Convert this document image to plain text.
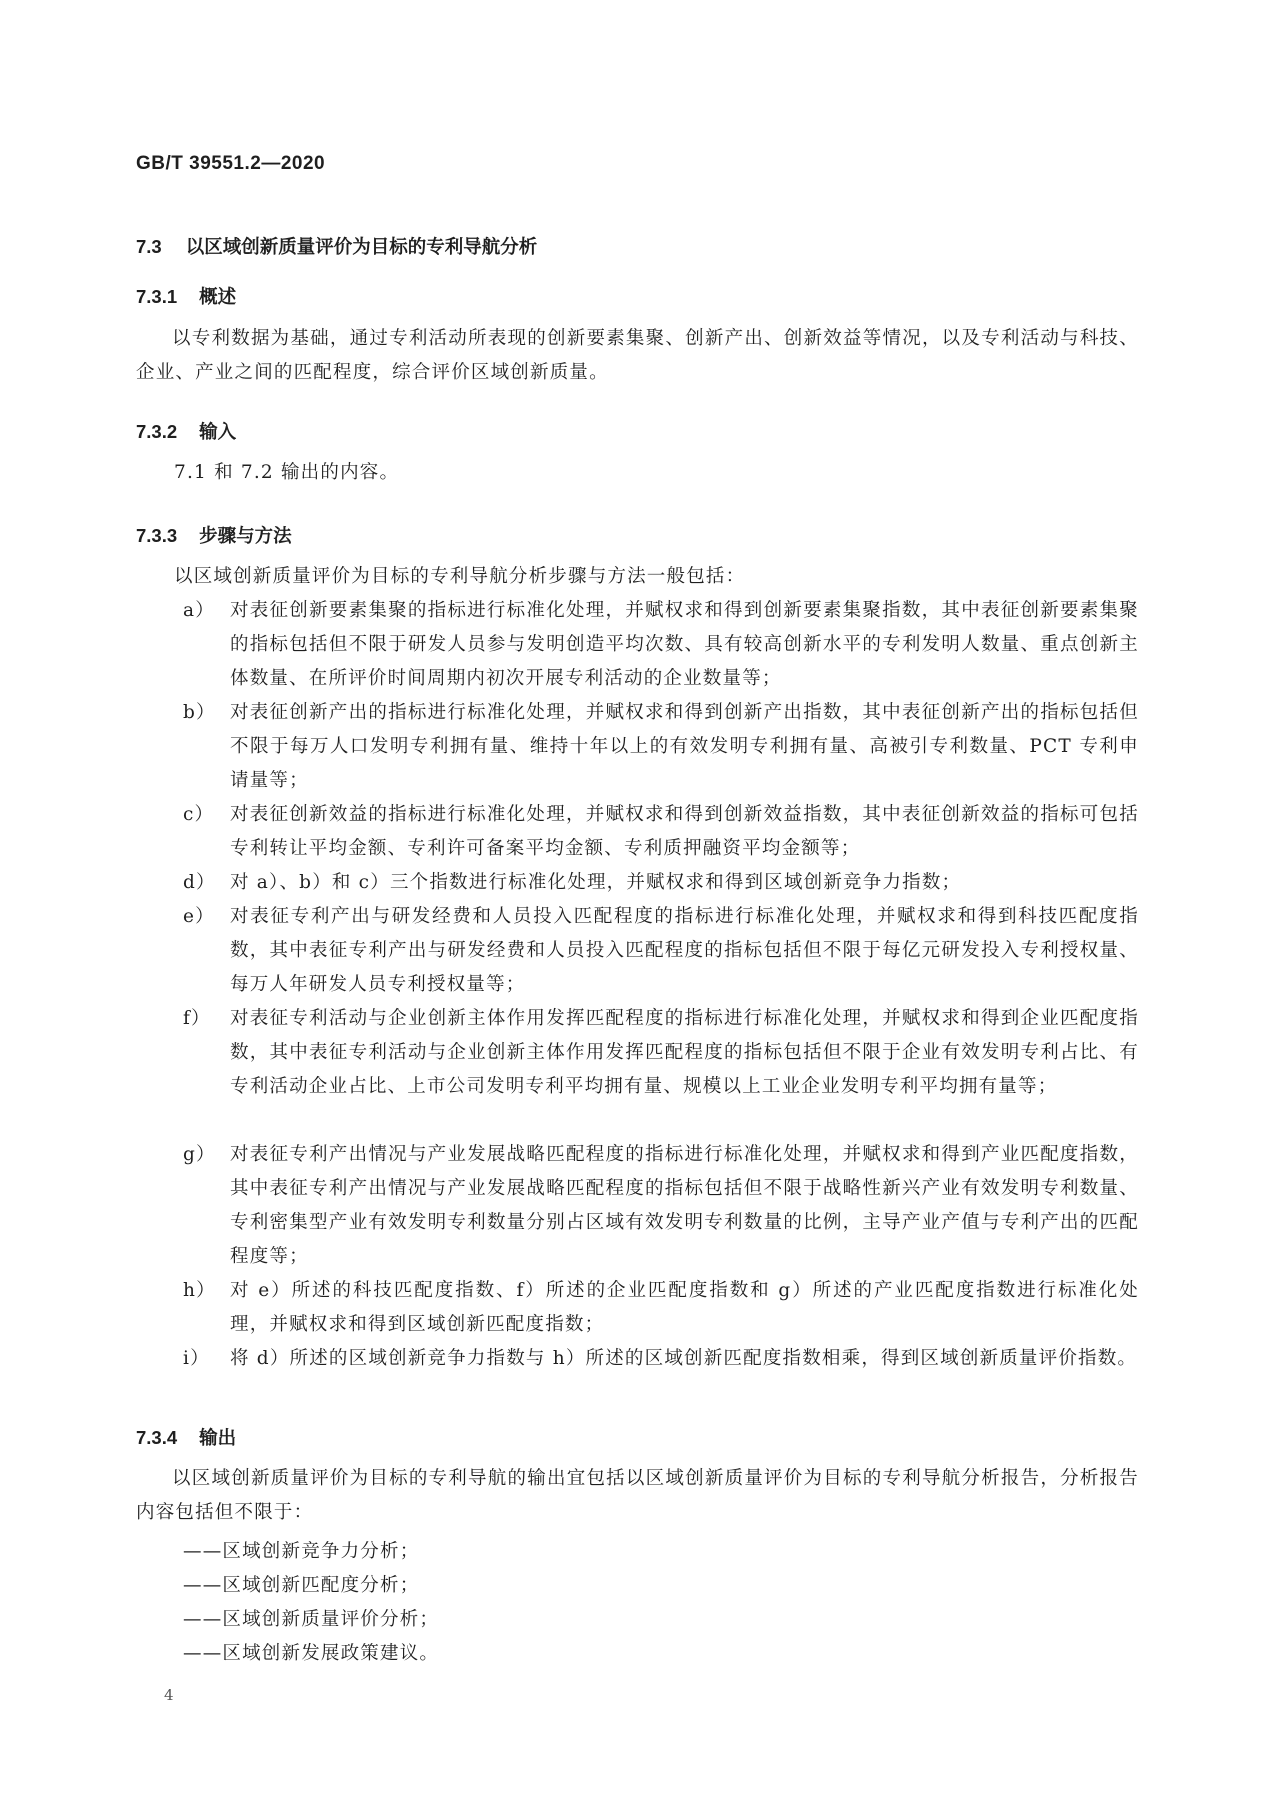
GB/T 39551.2—2020
7.3 以区域创新质量评价为目标的专利导航分析
7.3.1 概述

以专利数据为基础，通过专利活动所表现的创新要素集聚、创新产出、创新效益等情况，以及专利活动与科技、企业、产业之间的匹配程度，综合评价区域创新质量。

7.3.2 输入

7.1 和 7.2 输出的内容。

7.3.3 步骤与方法

以区域创新质量评价为目标的专利导航分析步骤与方法一般包括：

a） 对表征创新要素集聚的指标进行标准化处理，并赋权求和得到创新要素集聚指数，其中表征创新要素集聚的指标包括但不限于研发人员参与发明创造平均次数、具有较高创新水平的专利发明人数量、重点创新主体数量、在所评价时间周期内初次开展专利活动的企业数量等；
b） 对表征创新产出的指标进行标准化处理，并赋权求和得到创新产出指数，其中表征创新产出的指标包括但不限于每万人口发明专利拥有量、维持十年以上的有效发明专利拥有量、高被引专利数量、PCT 专利申请量等；
c） 对表征创新效益的指标进行标准化处理，并赋权求和得到创新效益指数，其中表征创新效益的指标可包括专利转让平均金额、专利许可备案平均金额、专利质押融资平均金额等；
d） 对 a）、b）和 c）三个指数进行标准化处理，并赋权求和得到区域创新竞争力指数；
e） 对表征专利产出与研发经费和人员投入匹配程度的指标进行标准化处理，并赋权求和得到科技匹配度指数，其中表征专利产出与研发经费和人员投入匹配程度的指标包括但不限于每亿元研发投入专利授权量、每万人年研发人员专利授权量等；
f）	对表征专利活动与企业创新主体作用发挥匹配程度的指标进行标准化处理，并赋权求和得到企业匹配度指数，其中表征专利活动与企业创新主体作用发挥匹配程度的指标包括但不限于企业有效发明专利占比、有专利活动企业占比、上市公司发明专利平均拥有量、规模以上工业企业发明专利平均拥有量等；
g） 对表征专利产出情况与产业发展战略匹配程度的指标进行标准化处理，并赋权求和得到产业匹配度指数，其中表征专利产出情况与产业发展战略匹配程度的指标包括但不限于战略性新兴产业有效发明专利数量、专利密集型产业有效发明专利数量分别占区域有效发明专利数量的比例，主导产业产值与专利产出的匹配程度等；
h） 对 e）所述的科技匹配度指数、f）所述的企业匹配度指数和 g）所述的产业匹配度指数进行标准化处理，并赋权求和得到区域创新匹配度指数；
i）	将 d）所述的区域创新竞争力指数与 h）所述的区域创新匹配度指数相乘，得到区域创新质量评价指数。
7.3.4 输出

以区域创新质量评价为目标的专利导航的输出宜包括以区域创新质量评价为目标的专利导航分析报告，分析报告内容包括但不限于：

——区域创新竞争力分析；
——区域创新匹配度分析；
——区域创新质量评价分析；
——区域创新发展政策建议。
4
